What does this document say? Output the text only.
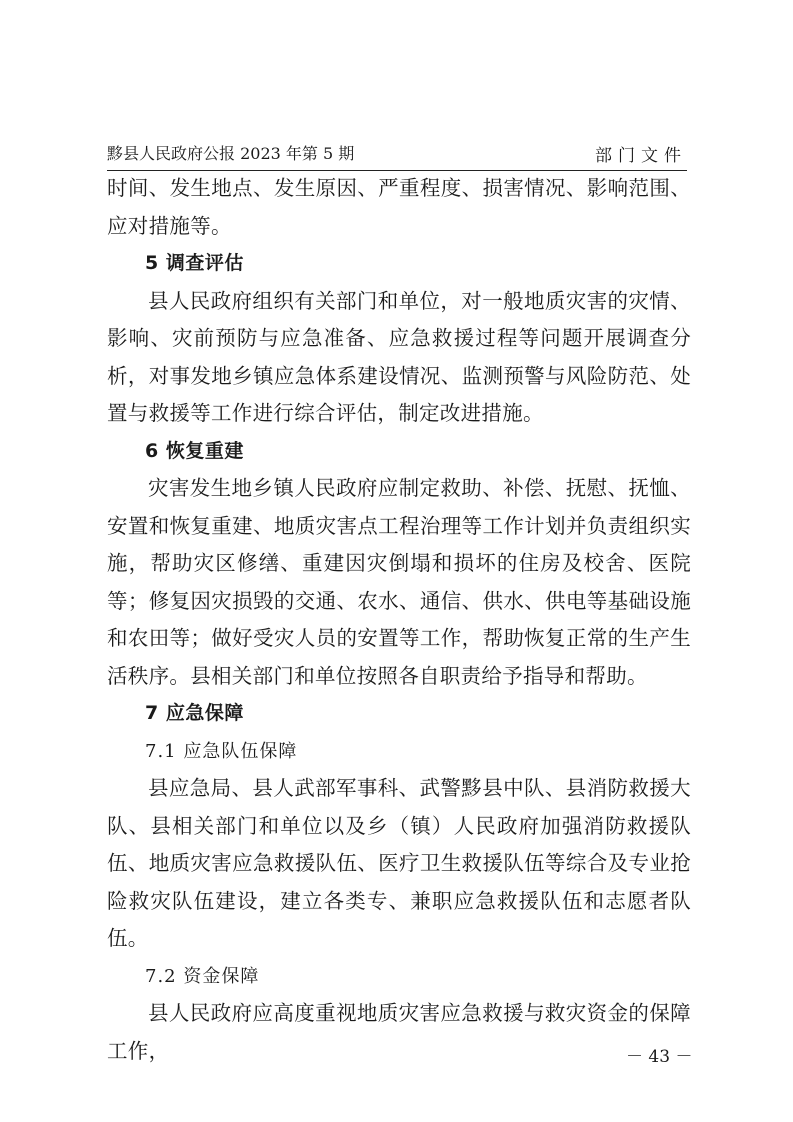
黟县人民政府公报 2023 年第 5 期	部门文件

时间、发生地点、发生原因、严重程度、损害情况、影响范围、应对措施等。

5 调查评估

县人民政府组织有关部门和单位，对一般地质灾害的灾情、影响、灾前预防与应急准备、应急救援过程等问题开展调查分析，对事发地乡镇应急体系建设情况、监测预警与风险防范、处置与救援等工作进行综合评估，制定改进措施。

6 恢复重建

灾害发生地乡镇人民政府应制定救助、补偿、抚慰、抚恤、安置和恢复重建、地质灾害点工程治理等工作计划并负责组织实施，帮助灾区修缮、重建因灾倒塌和损坏的住房及校舍、医院等；修复因灾损毁的交通、农水、通信、供水、供电等基础设施和农田等；做好受灾人员的安置等工作，帮助恢复正常的生产生活秩序。县相关部门和单位按照各自职责给予指导和帮助。

7 应急保障

7.1 应急队伍保障

县应急局、县人武部军事科、武警黟县中队、县消防救援大队、县相关部门和单位以及乡（镇）人民政府加强消防救援队伍、地质灾害应急救援队伍、医疗卫生救援队伍等综合及专业抢险救灾队伍建设，建立各类专、兼职应急救援队伍和志愿者队伍。

7.2 资金保障

县人民政府应高度重视地质灾害应急救援与救灾资金的保障工作，	－ 43 －
